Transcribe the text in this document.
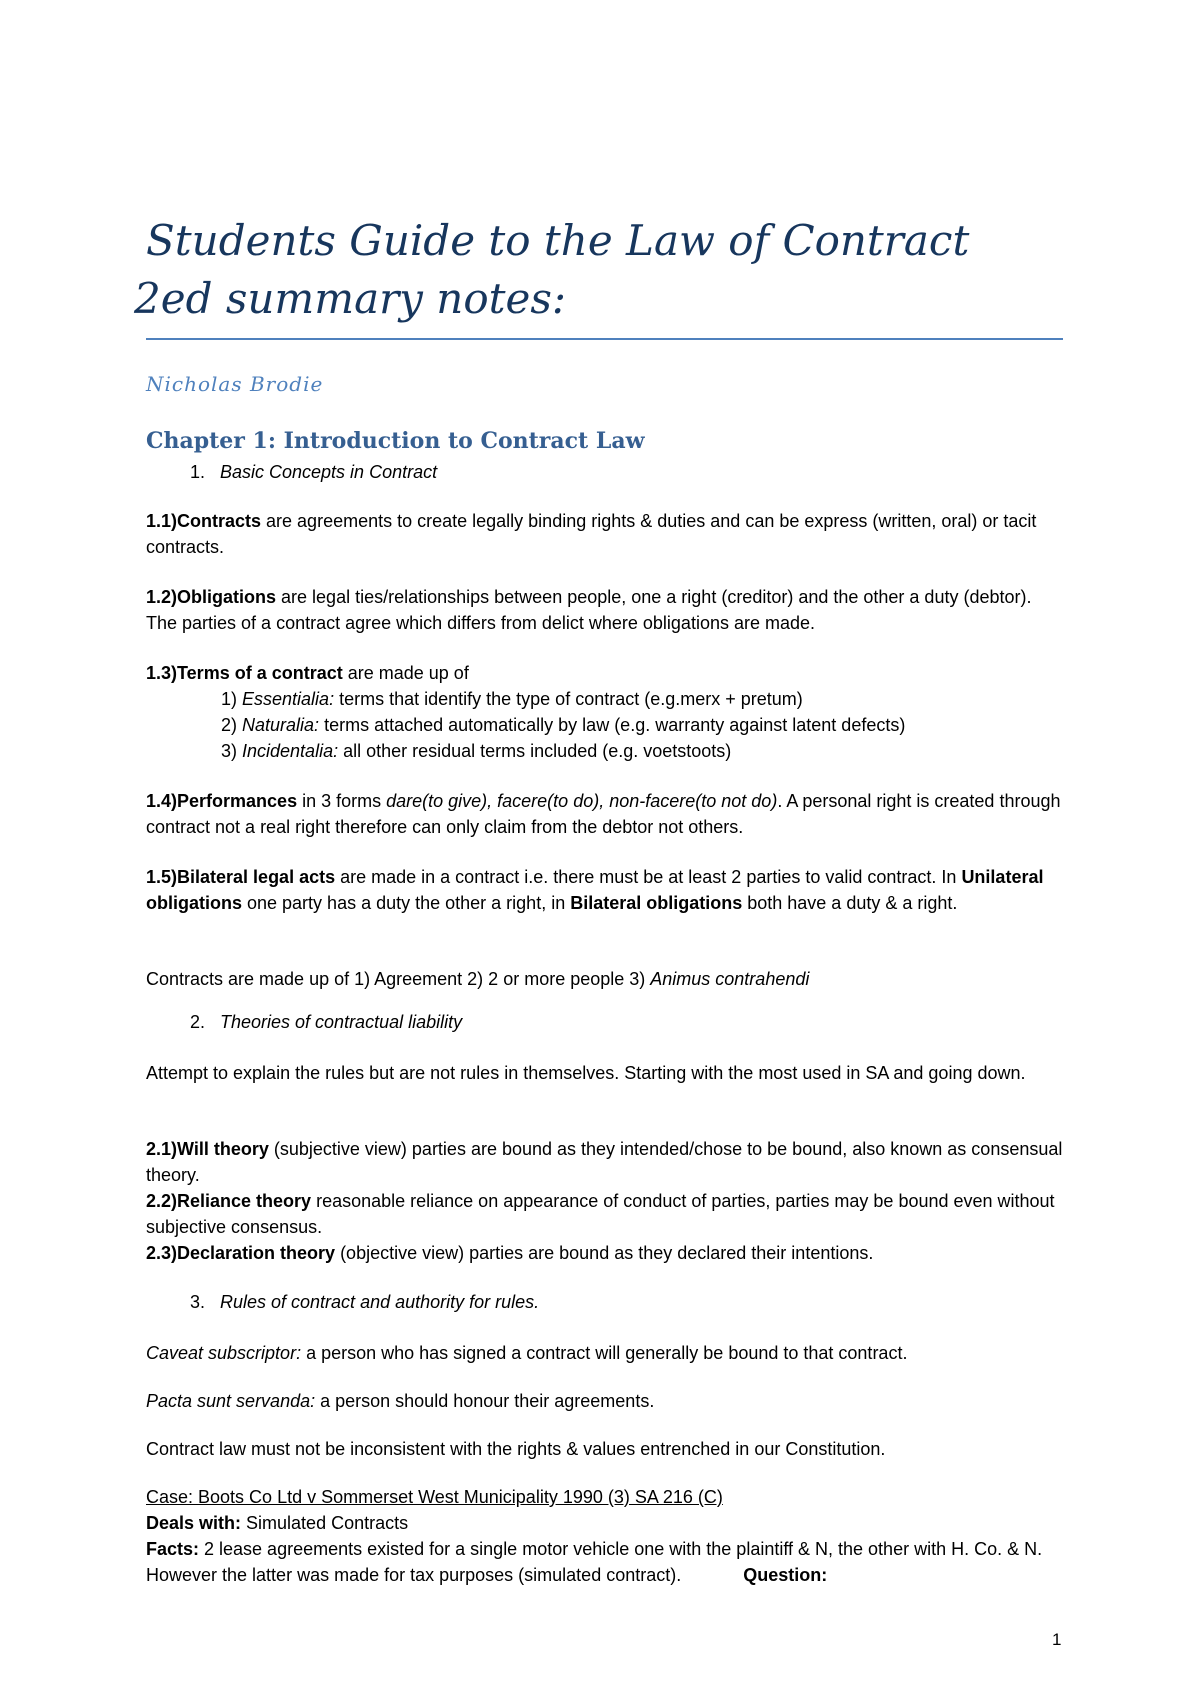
Students Guide to the Law of Contract
2ed summary notes:
Nicholas Brodie
Chapter 1: Introduction to Contract Law
1. Basic Concepts in Contract

1.1)Contracts are agreements to create legally binding rights & duties and can be express (written, oral) or tacit contracts.

1.2)Obligations are legal ties/relationships between people, one a right (creditor) and the other a duty (debtor). The parties of a contract agree which differs from delict where obligations are made.

1.3)Terms of a contract are made up of

1) Essentialia: terms that identify the type of contract (e.g.merx + pretum)
2) Naturalia: terms attached automatically by law (e.g. warranty against latent defects)
3) Incidentalia: all other residual terms included (e.g. voetstoots)

1.4)Performances in 3 forms dare(to give), facere(to do), non-facere(to not do). A personal right is created through contract not a real right therefore can only claim from the debtor not others.

1.5)Bilateral legal acts are made in a contract i.e. there must be at least 2 parties to valid contract. In Unilateral obligations one party has a duty the other a right, in Bilateral obligations both have a duty & a right.

Contracts are made up of 1) Agreement 2) 2 or more people 3) Animus contrahendi

2. Theories of contractual liability

Attempt to explain the rules but are not rules in themselves. Starting with the most used in SA and going down.

2.1)Will theory (subjective view) parties are bound as they intended/chose to be bound, also known as consensual theory.

2.2)Reliance theory reasonable reliance on appearance of conduct of parties, parties may be bound even without subjective consensus.

2.3)Declaration theory (objective view) parties are bound as they declared their intentions.

3. Rules of contract and authority for rules.

Caveat subscriptor: a person who has signed a contract will generally be bound to that contract.

Pacta sunt servanda: a person should honour their agreements.

Contract law must not be inconsistent with the rights & values entrenched in our Constitution.

Case: Boots Co Ltd v Sommerset West Municipality 1990 (3) SA 216 (C)

Deals with: Simulated Contracts

Facts: 2 lease agreements existed for a single motor vehicle one with the plaintiff & N, the other with H. Co. & N. However the latter was made for tax purposes (simulated contract).	Question:

1
